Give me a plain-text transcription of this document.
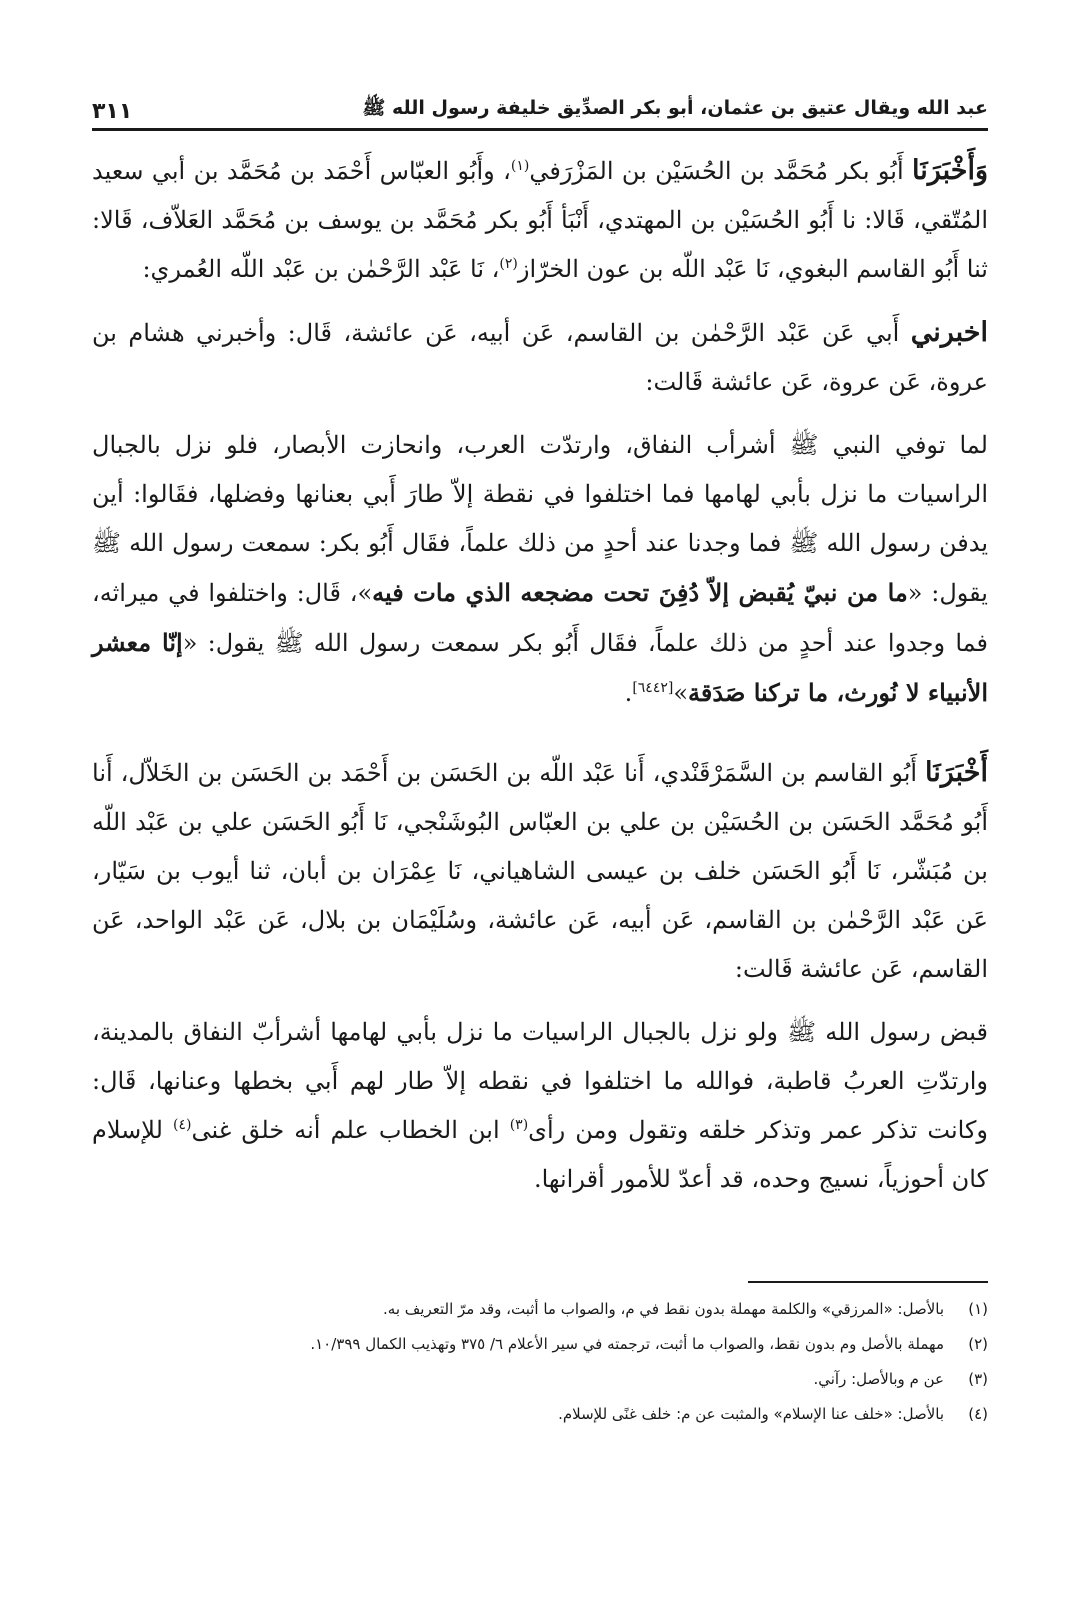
عبد الله ويقال عتيق بن عثمان، أبو بكر الصدِّيق خليفة رسول الله ﷺ
٣١١

وَأَخْبَرَنَا أَبُو بكر مُحَمَّد بن الحُسَيْن بن المَزْرَفي$^{(١)}$، وأَبُو العبّاس أَحْمَد بن مُحَمَّد بن أبي سعيد المُتّقي، قَالا: نا أَبُو الحُسَيْن بن المهتدي، أَنْبَأ أَبُو بكر مُحَمَّد بن يوسف بن مُحَمَّد العَلاّف، قَالا: ثنا أَبُو القاسم البغوي، نَا عَبْد اللّه بن عون الخرّاز$^{(٢)}$، نَا عَبْد الرَّحْمٰن بن عَبْد اللّه العُمري:

اخبرني أَبي عَن عَبْد الرَّحْمٰن بن القاسم، عَن أبيه، عَن عائشة، قَال: وأخبرني هشام بن عروة، عَن عروة، عَن عائشة قَالت:

لما توفي النبي ﷺ أشرأب النفاق، وارتدّت العرب، وانحازت الأبصار، فلو نزل بالجبال الراسيات ما نزل بأبي لهامها فما اختلفوا في نقطة إلاّ طارَ أَبي بعنانها وفضلها، فقَالوا: أين يدفن رسول الله ﷺ فما وجدنا عند أحدٍ من ذلك علماً، فقَال أَبُو بكر: سمعت رسول الله ﷺ يقول: «ما من نبيّ يُقبض إلاّ دُفِنَ تحت مضجعه الذي مات فيه»، قَال: واختلفوا في ميراثه، فما وجدوا عند أحدٍ من ذلك علماً، فقَال أَبُو بكر سمعت رسول الله ﷺ يقول: «إنّا معشر الأنبياء لا نُورث، ما تركنا صَدَقة»[٦٤٤٢].

أَخْبَرَنَا أَبُو القاسم بن السَّمَرْقَنْدي، أَنا عَبْد اللّه بن الحَسَن بن أَحْمَد بن الحَسَن بن الخَلاّل، أَنا أَبُو مُحَمَّد الحَسَن بن الحُسَيْن بن علي بن العبّاس البُوشَنْجي، نَا أَبُو الحَسَن علي بن عَبْد اللّه بن مُبَشّر، نَا أَبُو الحَسَن خلف بن عيسى الشاهياني، نَا عِمْرَان بن أبان، ثنا أيوب بن سَيّار، عَن عَبْد الرَّحْمٰن بن القاسم، عَن أبيه، عَن عائشة، وسُلَيْمَان بن بلال، عَن عَبْد الواحد، عَن القاسم، عَن عائشة قَالت:

قبض رسول الله ﷺ ولو نزل بالجبال الراسيات ما نزل بأبي لهامها أشرأبّ النفاق بالمدينة، وارتدّتِ العربُ قاطبة، فوالله ما اختلفوا في نقطه إلاّ طار لهم أَبي بخطها وعنانها، قَال: وكانت تذكر عمر وتذكر خلقه وتقول ومن رأى$^{(٣)}$ ابن الخطاب علم أنه خلق غنى$^{(٤)}$ للإسلام كان أحوزياً، نسيج وحده، قد أعدّ للأمور أقرانها.

(١)
بالأصل: «المرزقي» والكلمة مهملة بدون نقط في م، والصواب ما أثبت، وقد مرّ التعريف به.
(٢)
مهملة بالأصل وم بدون نقط، والصواب ما أثبت، ترجمته في سير الأعلام ٦/ ٣٧٥ وتهذيب الكمال ١٠/٣٩٩.
(٣)
عن م وبالأصل: رآني.
(٤)
بالأصل: «خلف عنا الإسلام» والمثبت عن م: خلف غنًى للإسلام.
